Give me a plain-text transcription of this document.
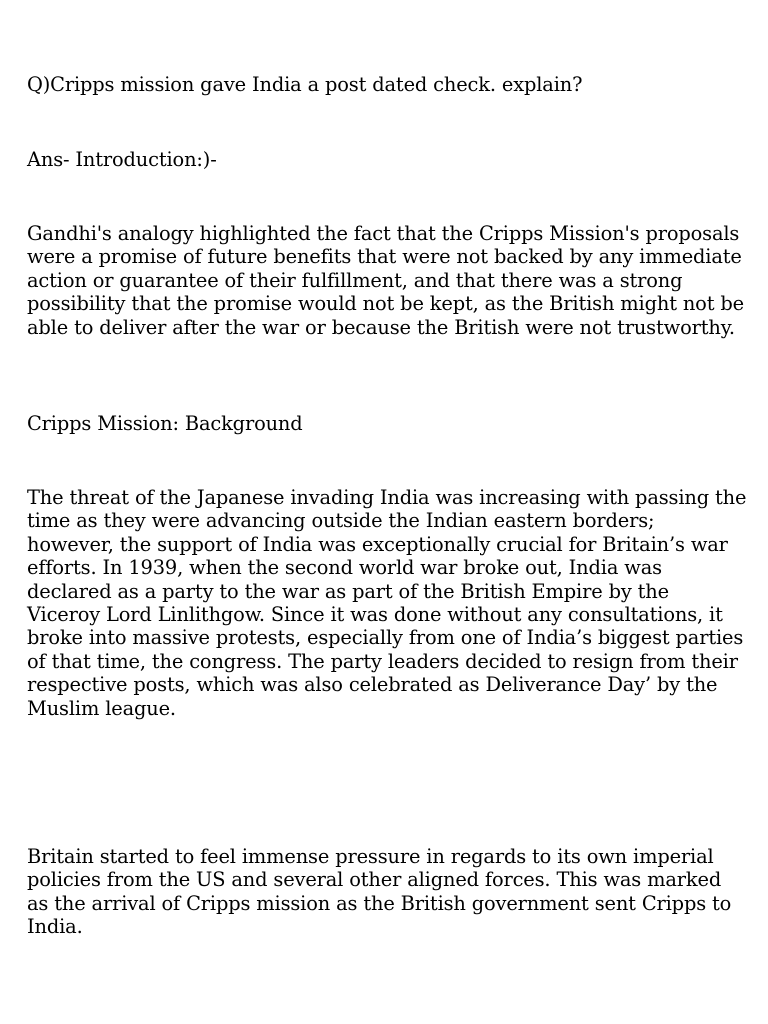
Q)Cripps mission gave India a post dated check. explain?

Ans- Introduction:)-

Gandhi's analogy highlighted the fact that the Cripps Mission's proposals were a promise of future benefits that were not backed by any immediate action or guarantee of their fulfillment, and that there was a strong possibility that the promise would not be kept, as the British might not be able to deliver after the war or because the British were not trustworthy.

Cripps Mission: Background

The threat of the Japanese invading India was increasing with passing the time as they were advancing outside the Indian eastern borders; however, the support of India was exceptionally crucial for Britain’s war efforts. In 1939, when the second world war broke out, India was declared as a party to the war as part of the British Empire by the Viceroy Lord Linlithgow. Since it was done without any consultations, it broke into massive protests, especially from one of India’s biggest parties of that time, the congress. The party leaders decided to resign from their respective posts, which was also celebrated as Deliverance Day’ by the Muslim league.

Britain started to feel immense pressure in regards to its own imperial policies from the US and several other aligned forces. This was marked as the arrival of Cripps mission as the British government sent Cripps to India.
